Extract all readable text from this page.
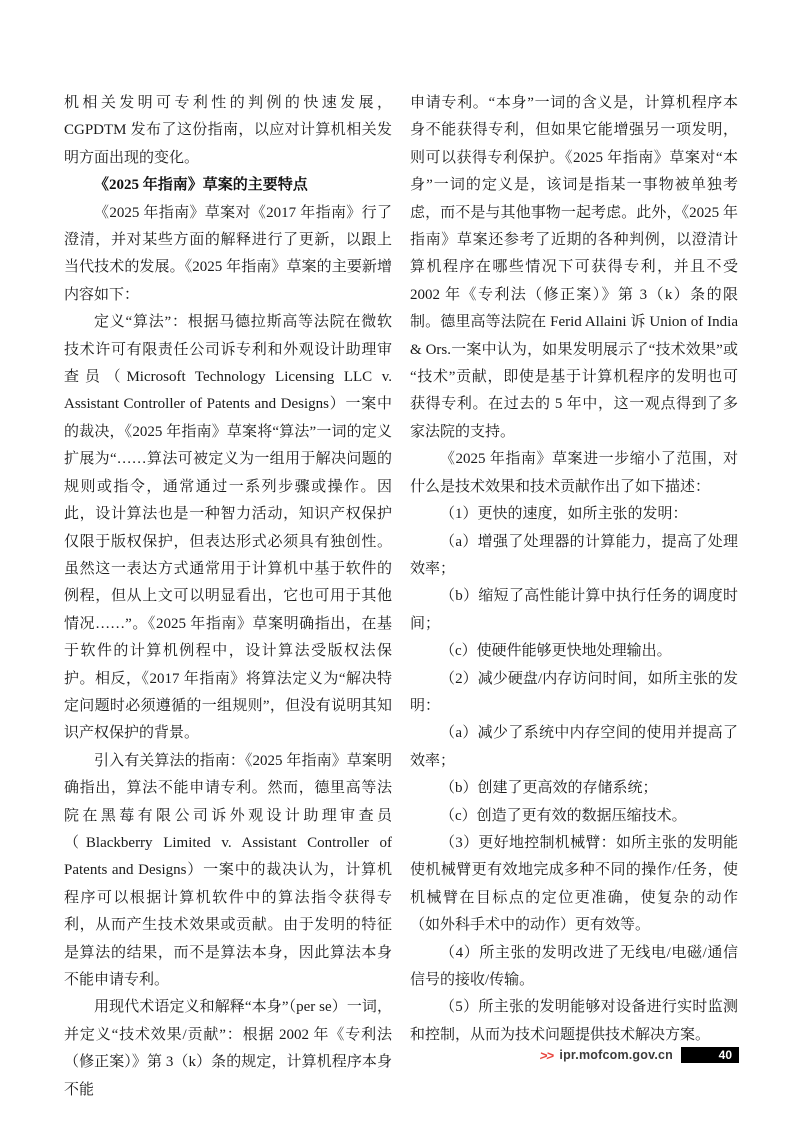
机相关发明可专利性的判例的快速发展，CGPDTM 发布了这份指南，以应对计算机相关发明方面出现的变化。

《2025 年指南》草案的主要特点

《2025 年指南》草案对《2017 年指南》行了澄清，并对某些方面的解释进行了更新，以跟上当代技术的发展。《2025 年指南》草案的主要新增内容如下：

定义“算法”：根据马德拉斯高等法院在微软技术许可有限责任公司诉专利和外观设计助理审查员（Microsoft Technology Licensing LLC v. Assistant Controller of Patents and Designs）一案中的裁决，《2025 年指南》草案将“算法”一词的定义扩展为“……算法可被定义为一组用于解决问题的规则或指令，通常通过一系列步骤或操作。因此，设计算法也是一种智力活动，知识产权保护仅限于版权保护，但表达形式必须具有独创性。虽然这一表达方式通常用于计算机中基于软件的例程，但从上文可以明显看出，它也可用于其他情况……”。《2025 年指南》草案明确指出，在基于软件的计算机例程中，设计算法受版权法保护。相反，《2017 年指南》将算法定义为“解决特定问题时必须遵循的一组规则”，但没有说明其知识产权保护的背景。

引入有关算法的指南：《2025 年指南》草案明确指出，算法不能申请专利。然而，德里高等法院在黑莓有限公司诉外观设计助理审查员（Blackberry Limited v. Assistant Controller of Patents and Designs）一案中的裁决认为，计算机程序可以根据计算机软件中的算法指令获得专利，从而产生技术效果或贡献。由于发明的特征是算法的结果，而不是算法本身，因此算法本身不能申请专利。

用现代术语定义和解释“本身”（per se）一词，并定义“技术效果/贡献”：根据 2002 年《专利法（修正案）》第 3（k）条的规定，计算机程序本身不能

申请专利。“本身”一词的含义是，计算机程序本身不能获得专利，但如果它能增强另一项发明，则可以获得专利保护。《2025 年指南》草案对“本身”一词的定义是，该词是指某一事物被单独考虑，而不是与其他事物一起考虑。此外，《2025 年指南》草案还参考了近期的各种判例，以澄清计算机程序在哪些情况下可获得专利，并且不受 2002 年《专利法（修正案）》第 3（k）条的限制。德里高等法院在 Ferid Allaini 诉 Union of India & Ors.一案中认为，如果发明展示了“技术效果”或“技术”贡献，即使是基于计算机程序的发明也可获得专利。在过去的 5 年中，这一观点得到了多家法院的支持。

《2025 年指南》草案进一步缩小了范围，对什么是技术效果和技术贡献作出了如下描述：

（1）更快的速度，如所主张的发明：

（a）增强了处理器的计算能力，提高了处理效率；

（b）缩短了高性能计算中执行任务的调度时间；

（c）使硬件能够更快地处理输出。

（2）减少硬盘/内存访问时间，如所主张的发明：

（a）减少了系统中内存空间的使用并提高了效率；

（b）创建了更高效的存储系统；

（c）创造了更有效的数据压缩技术。

（3）更好地控制机械臂：如所主张的发明能使机械臂更有效地完成多种不同的操作/任务，使机械臂在目标点的定位更准确，使复杂的动作（如外科手术中的动作）更有效等。

（4）所主张的发明改进了无线电/电磁/通信信号的接收/传输。

（5）所主张的发明能够对设备进行实时监测和控制，从而为技术问题提供技术解决方案。

>> ipr.mofcom.gov.cn	40
